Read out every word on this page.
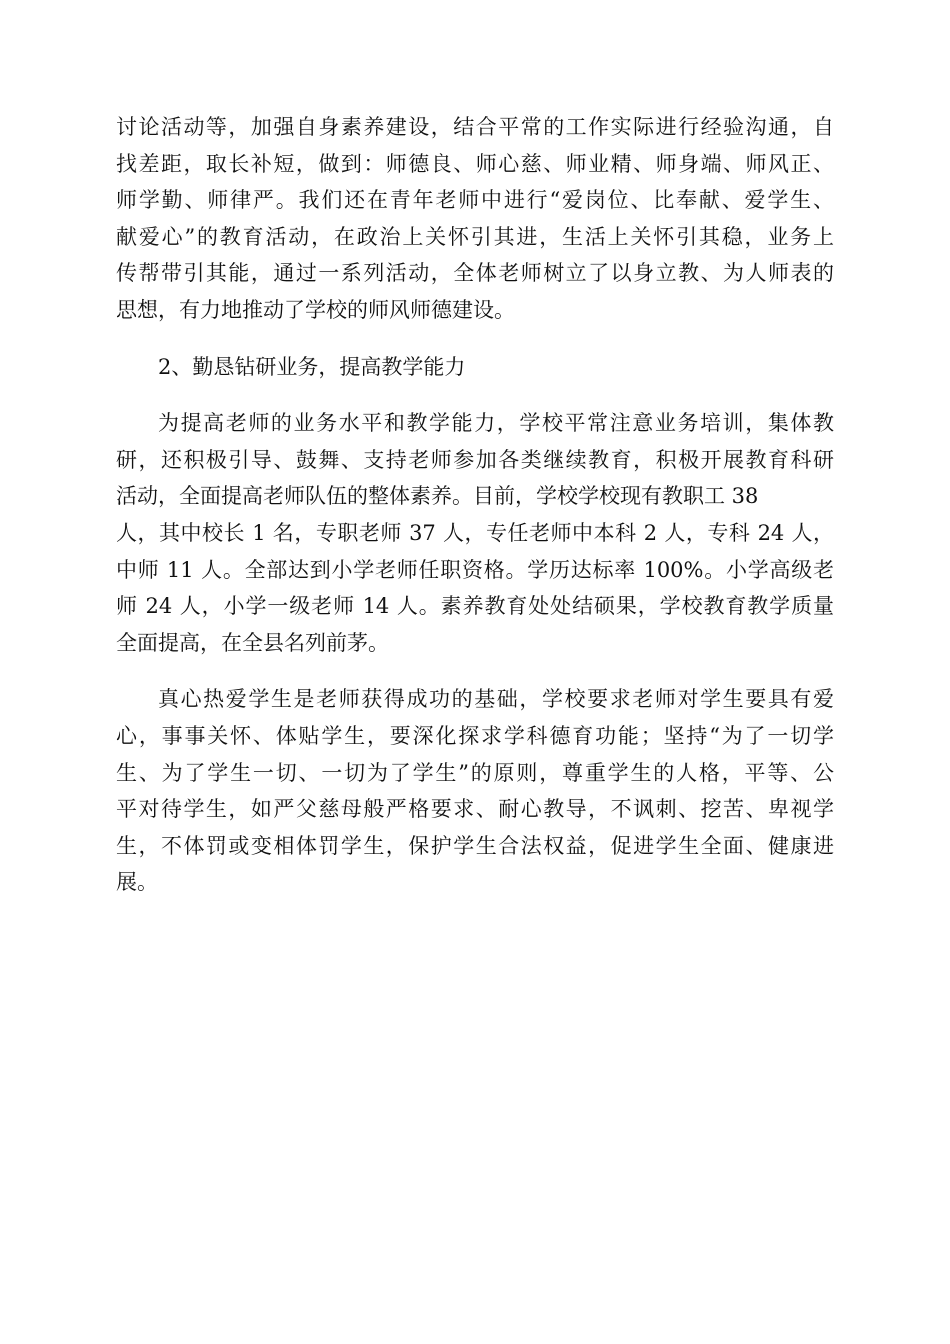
讨论活动等，加强自身素养建设，结合平常的工作实际进行经验沟通，自
找差距，取长补短，做到：师德良、师心慈、师业精、师身端、师风正、
师学勤、师律严。我们还在青年老师中进行“爱岗位、比奉献、爱学生、
献爱心”的教育活动，在政治上关怀引其进，生活上关怀引其稳，业务上
传帮带引其能，通过一系列活动，全体老师树立了以身立教、为人师表的
思想，有力地推动了学校的师风师德建设。
2、勤恳钻研业务，提高教学能力
为提高老师的业务水平和教学能力，学校平常注意业务培训，集体教
研，还积极引导、鼓舞、支持老师参加各类继续教育，积极开展教育科研
活动，全面提高老师队伍的整体素养。目前，学校学校现有教职工 38
人，其中校长 1 名，专职老师 37 人，专任老师中本科 2 人，专科 24 人，
中师 11 人。全部达到小学老师任职资格。学历达标率 100%。小学高级老
师 24 人，小学一级老师 14 人。素养教育处处结硕果，学校教育教学质量
全面提高，在全县名列前茅。
真心热爱学生是老师获得成功的基础，学校要求老师对学生要具有爱
心，事事关怀、体贴学生，要深化探求学科德育功能；坚持“为了一切学
生、为了学生一切、一切为了学生”的原则，尊重学生的人格，平等、公
平对待学生，如严父慈母般严格要求、耐心教导，不讽刺、挖苦、卑视学
生，不体罚或变相体罚学生，保护学生合法权益，促进学生全面、健康进
展。
